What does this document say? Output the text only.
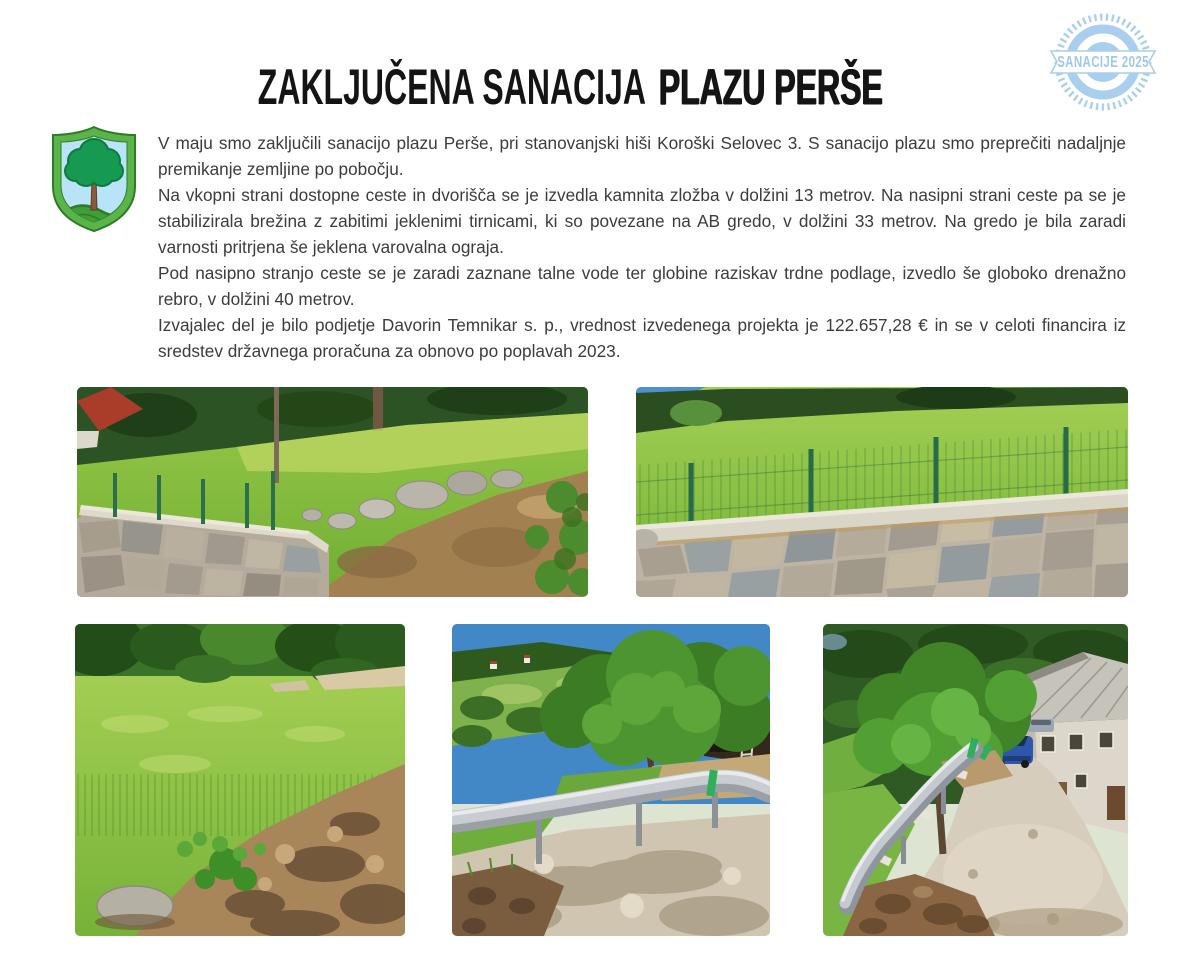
ZAKLJUČENA SANACIJA PLAZU PERŠE	SANACIJE 2025

V maju smo zaključili sanacijo plazu Perše, pri stanovanjski hiši Koroški Selovec 3. S sanacijo plazu smo preprečiti nadaljnje premikanje zemljine po pobočju.

Na vkopni strani dostopne ceste in dvorišča se je izvedla kamnita zložba v dolžini 13 metrov. Na nasipni strani ceste pa se je stabilizirala brežina z zabitimi jeklenimi tirnicami, ki so povezane na AB gredo, v dolžini 33 metrov. Na gredo je bila zaradi varnosti pritrjena še jeklena varovalna ograja.

Pod nasipno stranjo ceste se je zaradi zaznane talne vode ter globine raziskav trdne podlage, izvedlo še globoko drenažno rebro, v dolžini 40 metrov.

Izvajalec del je bilo podjetje Davorin Temnikar s. p., vrednost izvedenega projekta je 122.657,28 € in se v celoti financira iz sredstev državnega proračuna za obnovo po poplavah 2023.
